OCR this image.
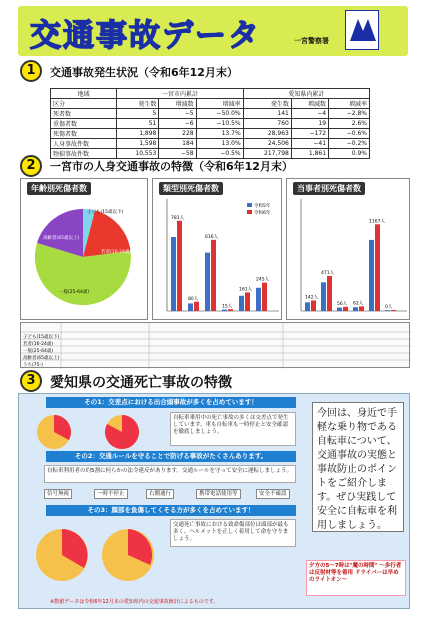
交通事故データ	一宮警察署
1	交通事故発生状況（令和6年12月末）
地域	一宮市内累計			愛知県内累計		
区分	発生数	増減数	増減率	発生数	増減数	増減率
死者数	5	−5	−50.0%	141	−4	−2.8%
重傷者数	51	−6	−10.5%	760	19	2.6%
死傷者数	1,898	228	13.7%	28,963	−172	−0.6%
人身事故件数	1,598	184	13.0%	24,506	−41	−0.2%
物損事故件数	10,553	−58	−0.5%	217,798	1,861	0.9%
2	一宮市の人身交通事故の特徴（令和6年12月末）
年齢別死傷者数
子ども(15歳以下)
若者(16-24歳)
高齢者(65歳以上)
一般(25-64歳)
類型別死傷者数
781人
80人
616人
15人
161人
245人
令和5年
令和6年
当事者別死傷者数
142人
471人
56人 62人
1167人
0人
子ども(15歳以下)
若者(16-24歳)
一般(25-64歳)
高齢者(65歳以上)
うち(75-)
3	愛知県の交通死亡事故の特徴
その1：交差点における出合頭事故が多くを占めています！
自転車乗用中の死亡事故の多くは交差点で発生しています。車も自転車も一時停止と安全確認を徹底しましょう。
その2：交通ルールを守ることで防げる事故がたくさんあります。
自転車利用者の約5割に何らかの法令違反があります。交通ルールを守って安全に運転しましょう。
信号無視	一時不停止	右側通行	携帯電話使用等	安全不確認
その3：顔部を負傷してくそる方が多くを占めています！
交通死亡事故における致命傷部位は頭部が最も多く、ヘルメットを正しく着用して命を守りましょう。
今回は、身近で手軽な乗り物である自転車について、交通事故の実態と事故防止のポイントをご紹介します。ぜひ実践して安全に自転車を利用しましょう。
夕方の5〜7時は"魔の時間" 〜歩行者は反射材等を着用 ドライバーは早めのライトオン〜
※数値データは令和6年12月末の愛知県内の交通事故統計によるものです。
